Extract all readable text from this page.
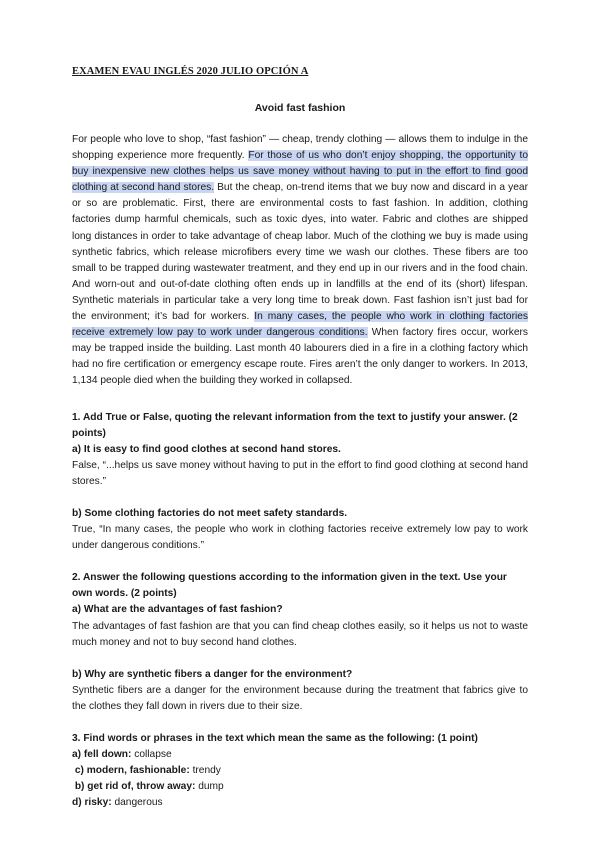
EXAMEN EVAU INGLÉS 2020 JULIO OPCIÓN A

Avoid fast fashion

For people who love to shop, “fast fashion” — cheap, trendy clothing — allows them to indulge in the shopping experience more frequently. For those of us who don’t enjoy shopping, the opportunity to buy inexpensive new clothes helps us save money without having to put in the effort to find good clothing at second hand stores. But the cheap, on-trend items that we buy now and discard in a year or so are problematic. First, there are environmental costs to fast fashion. In addition, clothing factories dump harmful chemicals, such as toxic dyes, into water. Fabric and clothes are shipped long distances in order to take advantage of cheap labor. Much of the clothing we buy is made using synthetic fabrics, which release microfibers every time we wash our clothes. These fibers are too small to be trapped during wastewater treatment, and they end up in our rivers and in the food chain. And worn-out and out-of-date clothing often ends up in landfills at the end of its (short) lifespan. Synthetic materials in particular take a very long time to break down. Fast fashion isn’t just bad for the environment; it’s bad for workers. In many cases, the people who work in clothing factories receive extremely low pay to work under dangerous conditions. When factory fires occur, workers may be trapped inside the building. Last month 40 labourers died in a fire in a clothing factory which had no fire certification or emergency escape route. Fires aren’t the only danger to workers. In 2013, 1,134 people died when the building they worked in collapsed.

1. Add True or False, quoting the relevant information from the text to justify your answer. (2 points)

a) It is easy to find good clothes at second hand stores.

False, “...helps us save money without having to put in the effort to find good clothing at second hand stores.”

b) Some clothing factories do not meet safety standards.

True, “In many cases, the people who work in clothing factories receive extremely low pay to work under dangerous conditions.”

2. Answer the following questions according to the information given in the text. Use your own words. (2 points)

a) What are the advantages of fast fashion?

The advantages of fast fashion are that you can find cheap clothes easily, so it helps us not to waste much money and not to buy second hand clothes.

b) Why are synthetic fibers a danger for the environment?

Synthetic fibers are a danger for the environment because during the treatment that fabrics give to the clothes they fall down in rivers due to their size.

3. Find words or phrases in the text which mean the same as the following: (1 point)

a) fell down: collapse

c) modern, fashionable: trendy

b) get rid of, throw away: dump

d) risky: dangerous
